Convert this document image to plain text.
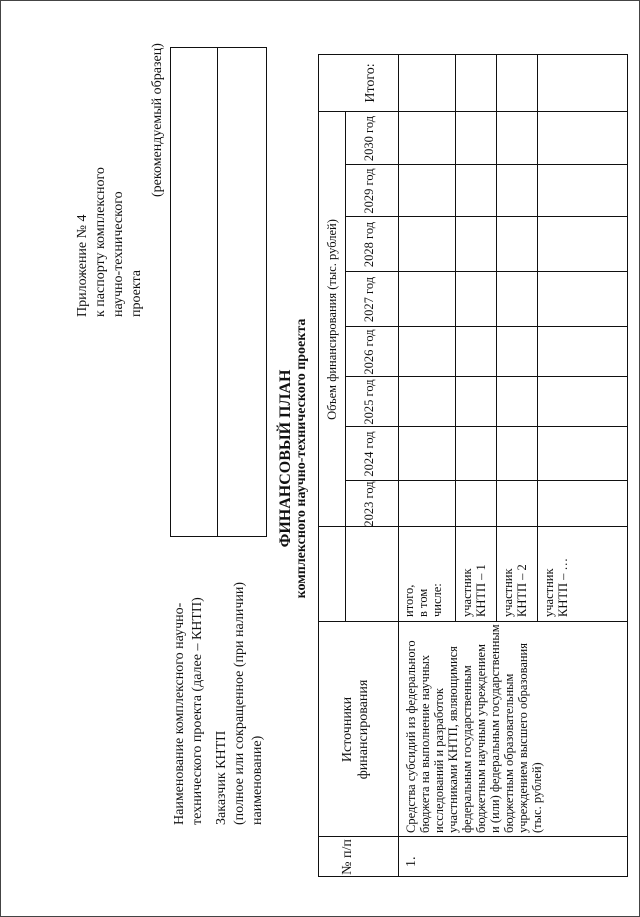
Приложение № 4 к паспорту комплексного научно-технического проекта
(рекомендуемый образец)
Наименование комплексного научно- технического проекта (далее – КНТП) Заказчик КНТП (полное или сокращенное (при наличии) наименование)
ФИНАНСОВЫЙ ПЛАН комплексного научно-технического проекта
№ п/п
Источники финансирования
Объем финансирования (тыс. рублей)
Итого:
2023 год
2024 год
2025 год
2026 год
2027 год
2028 год
2029 год
2030 год
1.
Средства субсидий из федерального бюджета на выполнение научных исследований и разработок участниками КНТП, являющимися федеральным государственным бюджетным научным учреждением и (или) федеральным государственным бюджетным образовательным учреждением высшего образования (тыс. рублей)
итого, в том числе: участник КНТП – 1 участник КНТП – 2 участник КНТП – …
